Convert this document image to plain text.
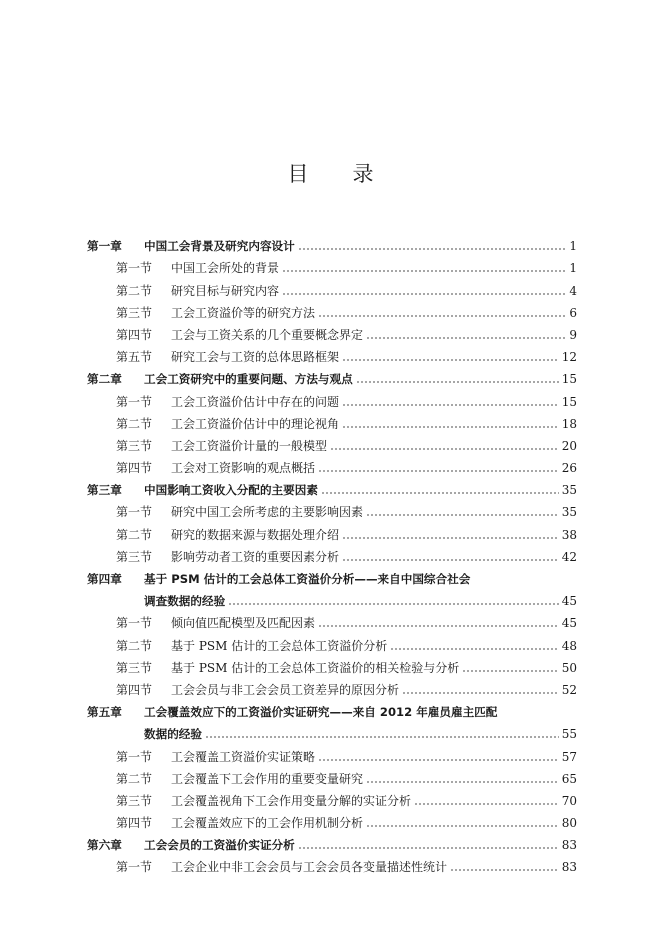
目 录
第一章	中国工会背景及研究内容设计	1
第一节	中国工会所处的背景	1
第二节	研究目标与研究内容	4
第三节	工会工资溢价等的研究方法	6
第四节	工会与工资关系的几个重要概念界定	9
第五节	研究工会与工资的总体思路框架	12
第二章	工会工资研究中的重要问题、方法与观点	15
第一节	工会工资溢价估计中存在的问题	15
第二节	工会工资溢价估计中的理论视角	18
第三节	工会工资溢价计量的一般模型	20
第四节	工会对工资影响的观点概括	26
第三章	中国影响工资收入分配的主要因素	35
第一节	研究中国工会所考虑的主要影响因素	35
第二节	研究的数据来源与数据处理介绍	38
第三节	影响劳动者工资的重要因素分析	42
第四章	基于 PSM 估计的工会总体工资溢价分析——来自中国综合社会
调查数据的经验	45
第一节	倾向值匹配模型及匹配因素	45
第二节	基于 PSM 估计的工会总体工资溢价分析	48
第三节	基于 PSM 估计的工会总体工资溢价的相关检验与分析	50
第四节	工会会员与非工会会员工资差异的原因分析	52
第五章	工会覆盖效应下的工资溢价实证研究——来自 2012 年雇员雇主匹配
数据的经验	55
第一节	工会覆盖工资溢价实证策略	57
第二节	工会覆盖下工会作用的重要变量研究	65
第三节	工会覆盖视角下工会作用变量分解的实证分析	70
第四节	工会覆盖效应下的工会作用机制分析	80
第六章	工会会员的工资溢价实证分析	83
第一节	工会企业中非工会会员与工会会员各变量描述性统计	83
